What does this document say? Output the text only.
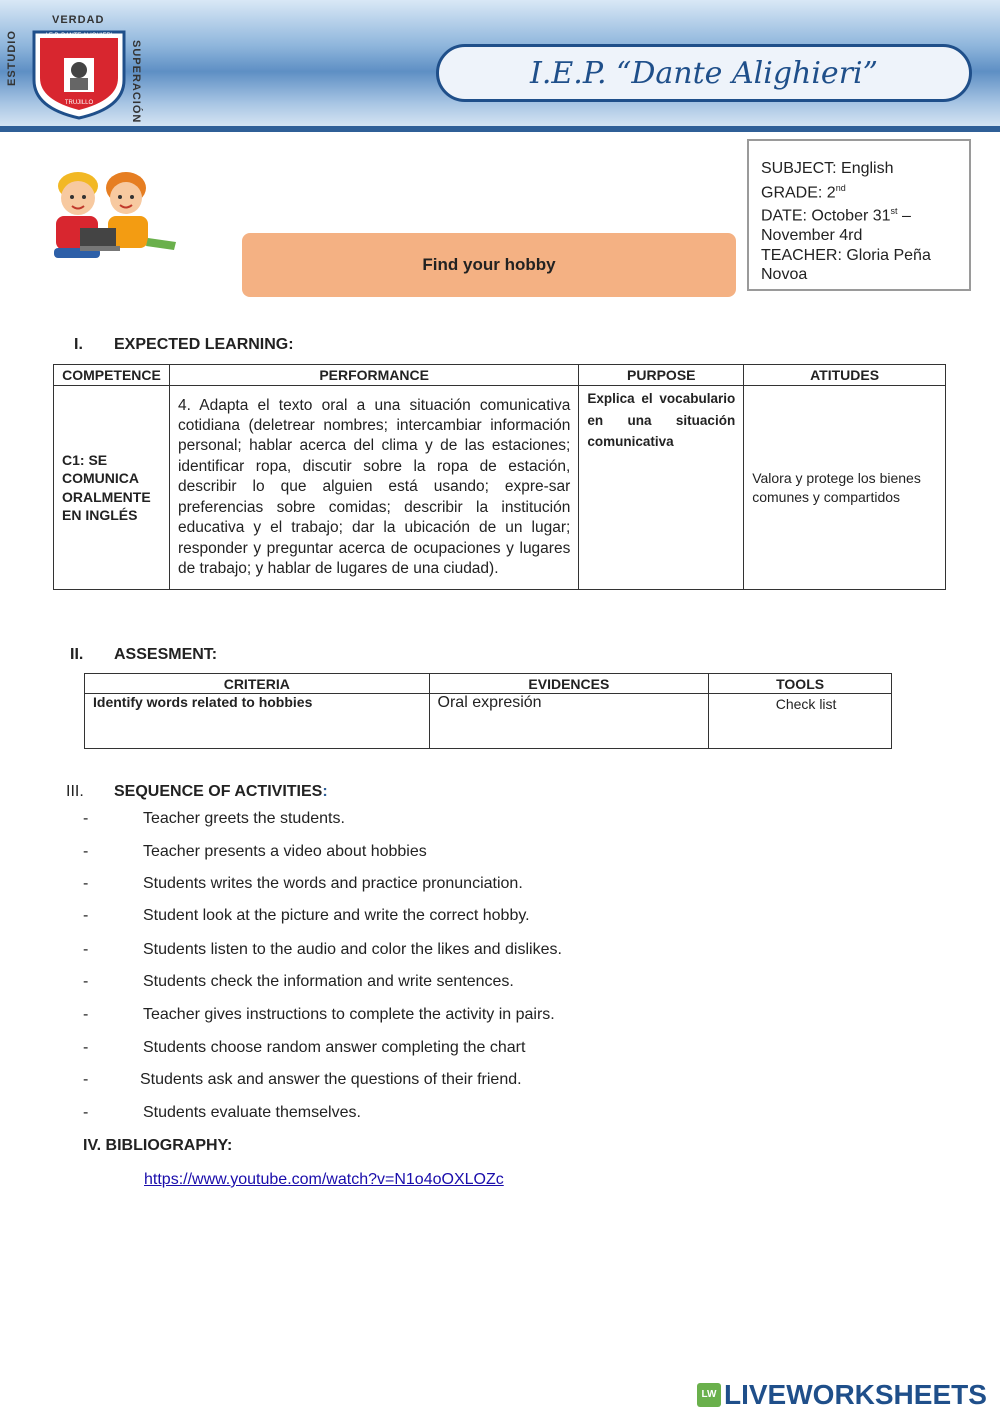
VERDAD
ESTUDIO	SUPERACIÓN
I.E.P. DANTE ALIGHIERI
TRUJILLO
I.E.P. “Dante Alighieri”
Find your hobby
SUBJECT: English
GRADE: 2nd
DATE: October 31st –
November 4rd
TEACHER: Gloria Peña
Novoa
I. EXPECTED LEARNING:
COMPETENCE	PERFORMANCE	PURPOSE	ATITUDES
C1: SE COMUNICA ORALMENTE EN INGLÉS	4. Adapta el texto oral a una situación comunicativa cotidiana (deletrear nombres; intercambiar información personal; hablar acerca del clima y de las estaciones; identificar ropa, discutir sobre la ropa de estación, describir lo que alguien está usando; expre-sar preferencias sobre comidas; describir la institución educativa y el trabajo; dar la ubicación de un lugar; responder y preguntar acerca de ocupaciones y lugares de trabajo; y hablar de lugares de una ciudad).	Explica el vocabulario en una situación comunicativa	Valora y protege los bienes comunes y compartidos
II. ASSESMENT:
CRITERIA	EVIDENCES	TOOLS
Identify words related to hobbies	Oral expresión	Check list
III. SEQUENCE OF ACTIVITIES:
-	Teacher greets the students.
-	Teacher presents a video about hobbies
-	Students writes the words and practice pronunciation.
-	Student look at the picture and write the correct hobby.
-	Students listen to the audio and color the likes and dislikes.
-	Students check the information and write sentences.
-	Teacher gives instructions to complete the activity in pairs.
-	Students choose random answer completing the chart
-	Students ask and answer the questions of their friend.
-	Students evaluate themselves.
IV. BIBLIOGRAPHY:
https://www.youtube.com/watch?v=N1o4oOXLOZc
LW LIVEWORKSHEETS
